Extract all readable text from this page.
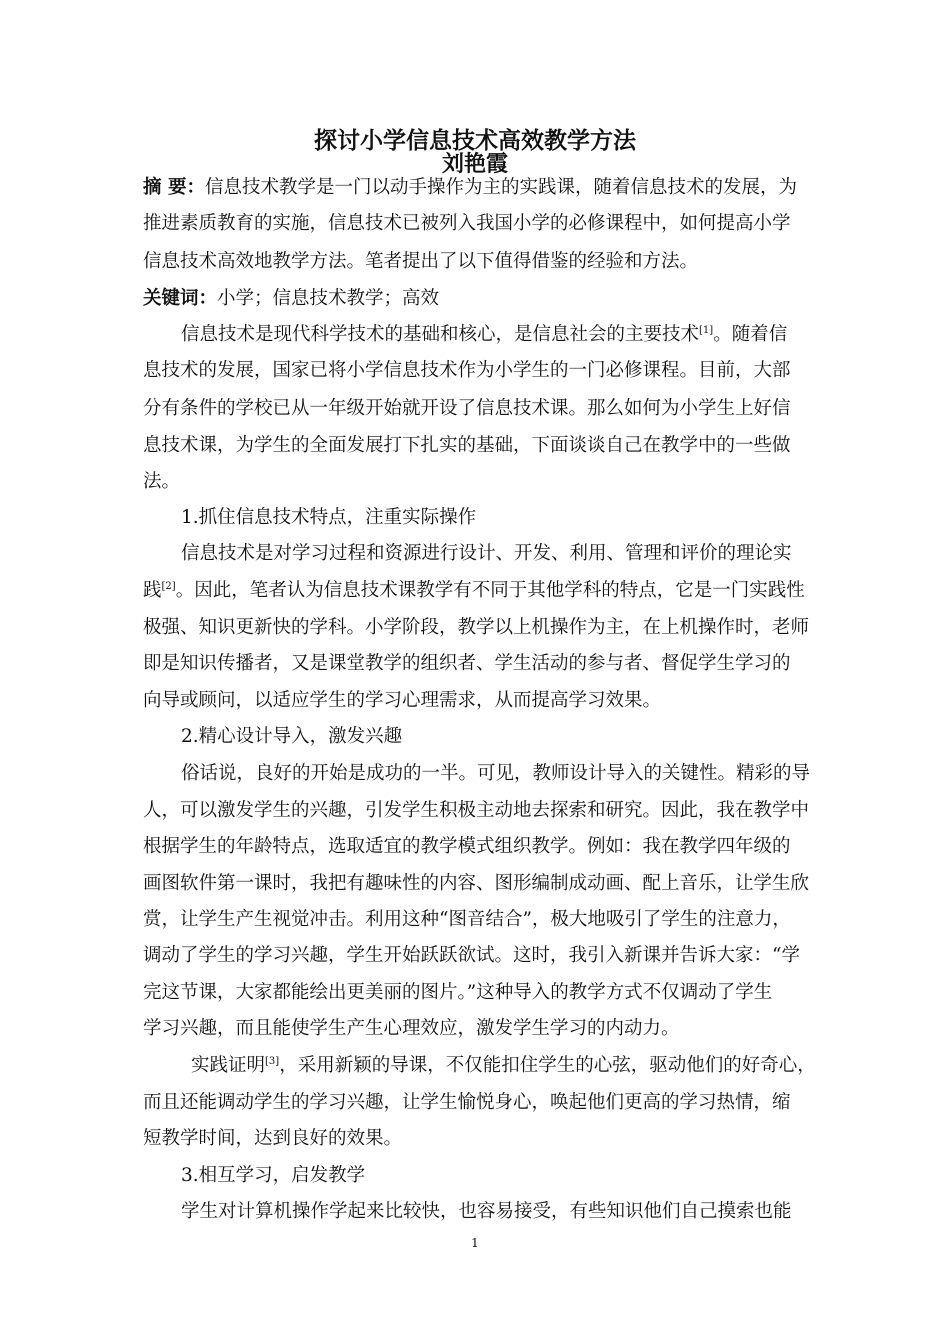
探讨小学信息技术高效教学方法
刘艳霞
摘 要：信息技术教学是一门以动手操作为主的实践课，随着信息技术的发展，为
推进素质教育的实施，信息技术已被列入我国小学的必修课程中，如何提高小学
信息技术高效地教学方法。笔者提出了以下值得借鉴的经验和方法。
关键词：小学；信息技术教学；高效
信息技术是现代科学技术的基础和核心，是信息社会的主要技术[1]。随着信
息技术的发展，国家已将小学信息技术作为小学生的一门必修课程。目前，大部
分有条件的学校已从一年级开始就开设了信息技术课。那么如何为小学生上好信
息技术课，为学生的全面发展打下扎实的基础，下面谈谈自己在教学中的一些做
法。
1.抓住信息技术特点，注重实际操作
信息技术是对学习过程和资源进行设计、开发、利用、管理和评价的理论实
践[2]。因此，笔者认为信息技术课教学有不同于其他学科的特点，它是一门实践性
极强、知识更新快的学科。小学阶段，教学以上机操作为主，在上机操作时，老师
即是知识传播者，又是课堂教学的组织者、学生活动的参与者、督促学生学习的
向导或顾问，以适应学生的学习心理需求，从而提高学习效果。
2.精心设计导入，激发兴趣
俗话说，良好的开始是成功的一半。可见，教师设计导入的关键性。精彩的导
人，可以激发学生的兴趣，引发学生积极主动地去探索和研究。因此，我在教学中
根据学生的年龄特点，选取适宜的教学模式组织教学。例如：我在教学四年级的
画图软件第一课时，我把有趣味性的内容、图形编制成动画、配上音乐，让学生欣
赏，让学生产生视觉冲击。利用这种“图音结合”，极大地吸引了学生的注意力，
调动了学生的学习兴趣，学生开始跃跃欲试。这时，我引入新课并告诉大家：“学
完这节课，大家都能绘出更美丽的图片。”这种导入的教学方式不仅调动了学生
学习兴趣，而且能使学生产生心理效应，激发学生学习的内动力。
实践证明[3]，采用新颖的导课，不仅能扣住学生的心弦，驱动他们的好奇心，
而且还能调动学生的学习兴趣，让学生愉悦身心，唤起他们更高的学习热情，缩
短教学时间，达到良好的效果。
3.相互学习，启发教学
学生对计算机操作学起来比较快，也容易接受，有些知识他们自己摸索也能
1
